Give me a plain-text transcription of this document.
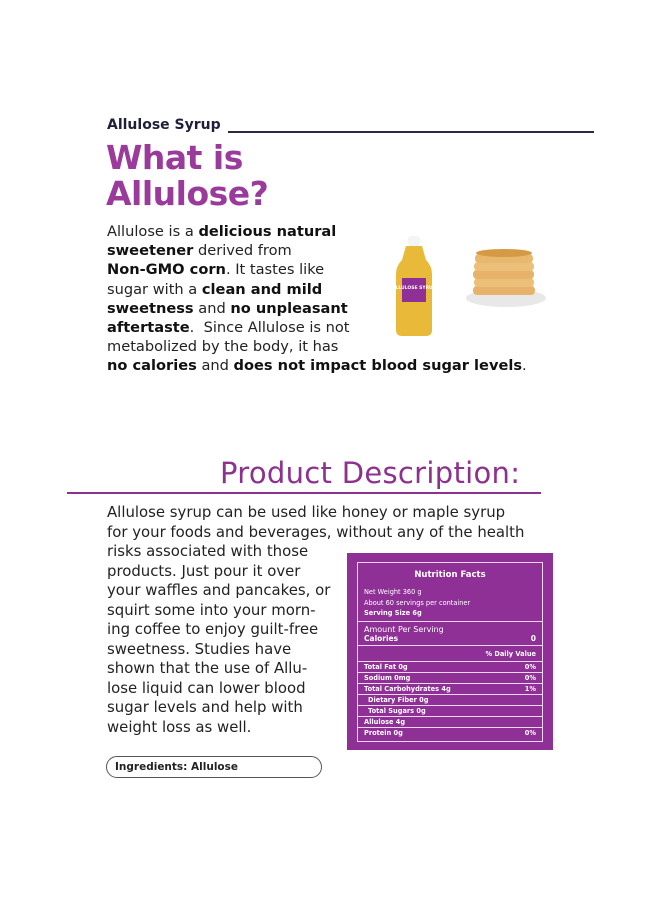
Allulose Syrup
What is
Allulose?
Allulose is a delicious natural
sweetener derived from
Non-GMO corn. It tastes like
sugar with a clean and mild
sweetness and no unpleasant
aftertaste.  Since Allulose is not
metabolized by the body, it has
no calories and does not impact blood sugar levels.
ALLULOSE SYRUP
Product Description:
Allulose syrup can be used like honey or maple syrup
for your foods and beverages, without any of the health
risks associated with those
products. Just pour it over
your waffles and pancakes, or
squirt some into your morn-
ing coffee to enjoy guilt-free
sweetness. Studies have
shown that the use of Allu-
lose liquid can lower blood
sugar levels and help with
weight loss as well.
Nutrition Facts
Net Weight 360 g
About 60 servings per container
Serving Size 6g
Amount Per Serving
Calories	0
% Daily Value
Total Fat 0g	0%
Sodium 0mg	0%
Total Carbohydrates 4g	1%
Dietary Fiber 0g
Total Sugars 0g
Allulose 4g
Protein 0g	0%
Ingredients: Allulose
